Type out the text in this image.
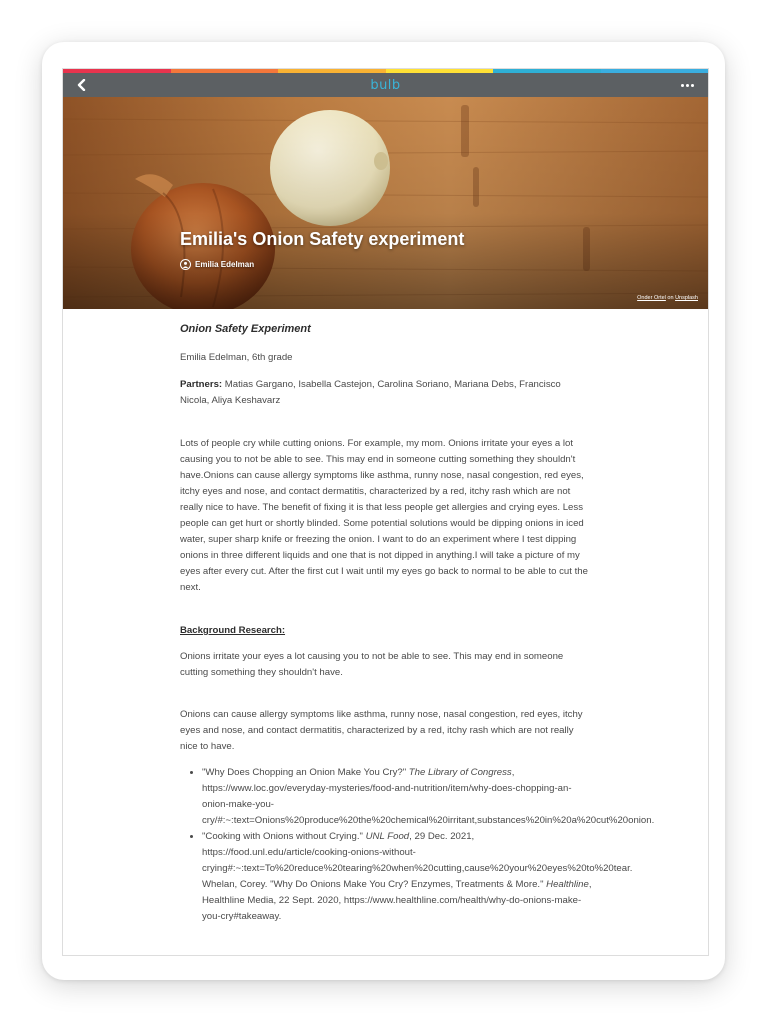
bulb
Emilia's Onion Safety experiment
Emilia Edelman
Onder Ortel on Unsplash

Onion Safety Experiment

Emilia Edelman, 6th grade

Partners: Matias Gargano, Isabella Castejon, Carolina Soriano, Mariana Debs, Francisco Nicola, Aliya Keshavarz

Lots of people cry while cutting onions. For example, my mom. Onions irritate your eyes a lot causing you to not be able to see. This may end in someone cutting something they shouldn't have.Onions can cause allergy symptoms like asthma, runny nose, nasal congestion, red eyes, itchy eyes and nose, and contact dermatitis, characterized by a red, itchy rash which are not really nice to have. The benefit of fixing it is that less people get allergies and crying eyes. Less people can get hurt or shortly blinded. Some potential solutions would be dipping onions in iced water, super sharp knife or freezing the onion. I want to do an experiment where I test dipping onions in three different liquids and one that is not dipped in anything.I will take a picture of my eyes after every cut. After the first cut I wait until my eyes go back to normal to be able to cut the next.

Background Research:

Onions irritate your eyes a lot causing you to not be able to see. This may end in someone cutting something they shouldn't have.

Onions can cause allergy symptoms like asthma, runny nose, nasal congestion, red eyes, itchy eyes and nose, and contact dermatitis, characterized by a red, itchy rash which are not really nice to have.

• "Why Does Chopping an Onion Make You Cry?" The Library of Congress, https://www.loc.gov/everyday-mysteries/food-and-nutrition/item/why-does-chopping-an-onion-make-you-cry/#:~:text=Onions%20produce%20the%20chemical%20irritant,substances%20in%20a%20cut%20onion.
• "Cooking with Onions without Crying." UNL Food, 29 Dec. 2021, https://food.unl.edu/article/cooking-onions-without-crying#:~:text=To%20reduce%20tearing%20when%20cutting,cause%20your%20eyes%20to%20tear. Whelan, Corey. "Why Do Onions Make You Cry? Enzymes, Treatments & More." Healthline, Healthline Media, 22 Sept. 2020, https://www.healthline.com/health/why-do-onions-make-you-cry#takeaway.
